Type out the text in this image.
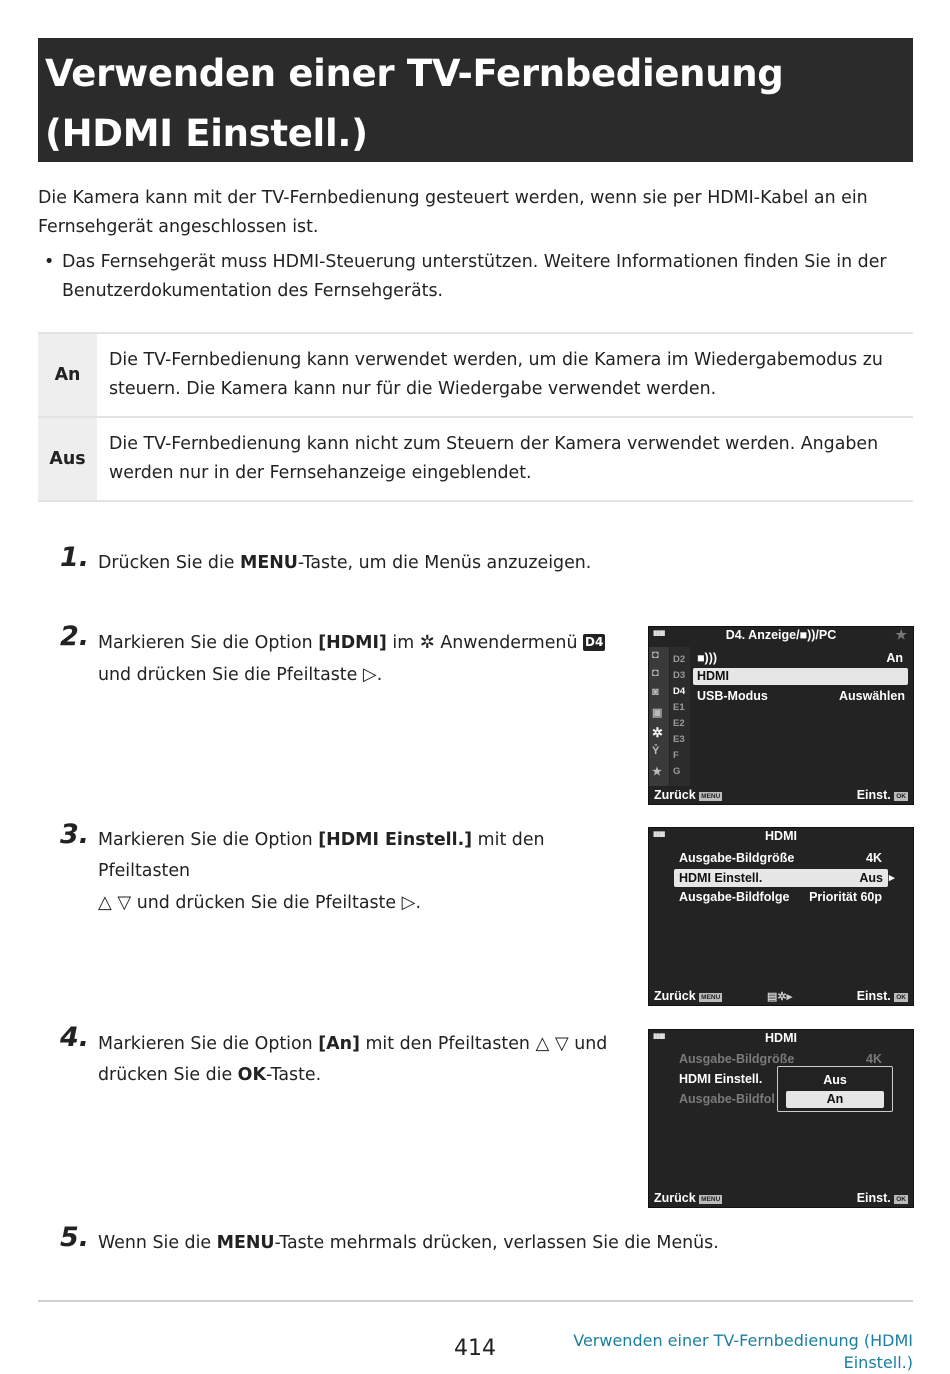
Verwenden einer TV-Fernbedienung (HDMI Einstell.)

Die Kamera kann mit der TV-Fernbedienung gesteuert werden, wenn sie per HDMI-Kabel an ein Fernsehgerät angeschlossen ist.

• Das Fernsehgerät muss HDMI-Steuerung unterstützen. Weitere Informationen finden Sie in der Benutzerdokumentation des Fernsehgeräts.
An	Die TV-Fernbedienung kann verwendet werden, um die Kamera im Wiedergabemodus zu steuern. Die Kamera kann nur für die Wiedergabe verwendet werden.
Aus	Die TV-Fernbedienung kann nicht zum Steuern der Kamera verwendet werden. Angaben werden nur in der Fernsehanzeige eingeblendet.
1. Drücken Sie die MENU-Taste, um die Menüs anzuzeigen.
2. Markieren Sie die Option [HDMI] im ✲ Anwendermenü D4
und drücken Sie die Pfeiltaste ▷.
3. Markieren Sie die Option [HDMI Einstell.] mit den Pfeiltasten
△ ▽ und drücken Sie die Pfeiltaste ▷.
4. Markieren Sie die Option [An] mit den Pfeiltasten △ ▽ und
drücken Sie die OK-Taste.
5. Wenn Sie die MENU-Taste mehrmals drücken, verlassen Sie die Menüs.
▮▮▮▮	D4. Anzeige/■))/PC	★
◘
◘
◙
▣
✲
Ỷ
★
D2
D3
D4
E1
E2
E3
F
G
■)))	An
HDMI
USB-Modus	Auswählen
Zurück MENU	Einst. OK
▮▮▮▮	HDMI
Ausgabe-Bildgröße	4K
HDMI Einstell.	Aus ▸
Ausgabe-Bildfolge Priorität 60p
Zurück MENU	▤✲▸	Einst. OK
▮▮▮▮	HDMI
Ausgabe-Bildgröße	4K
HDMI Einstell.
Ausgabe-Bildfol
Aus
An
Zurück MENU	Einst. OK
414	Verwenden einer TV-Fernbedienung (HDMI Einstell.)
